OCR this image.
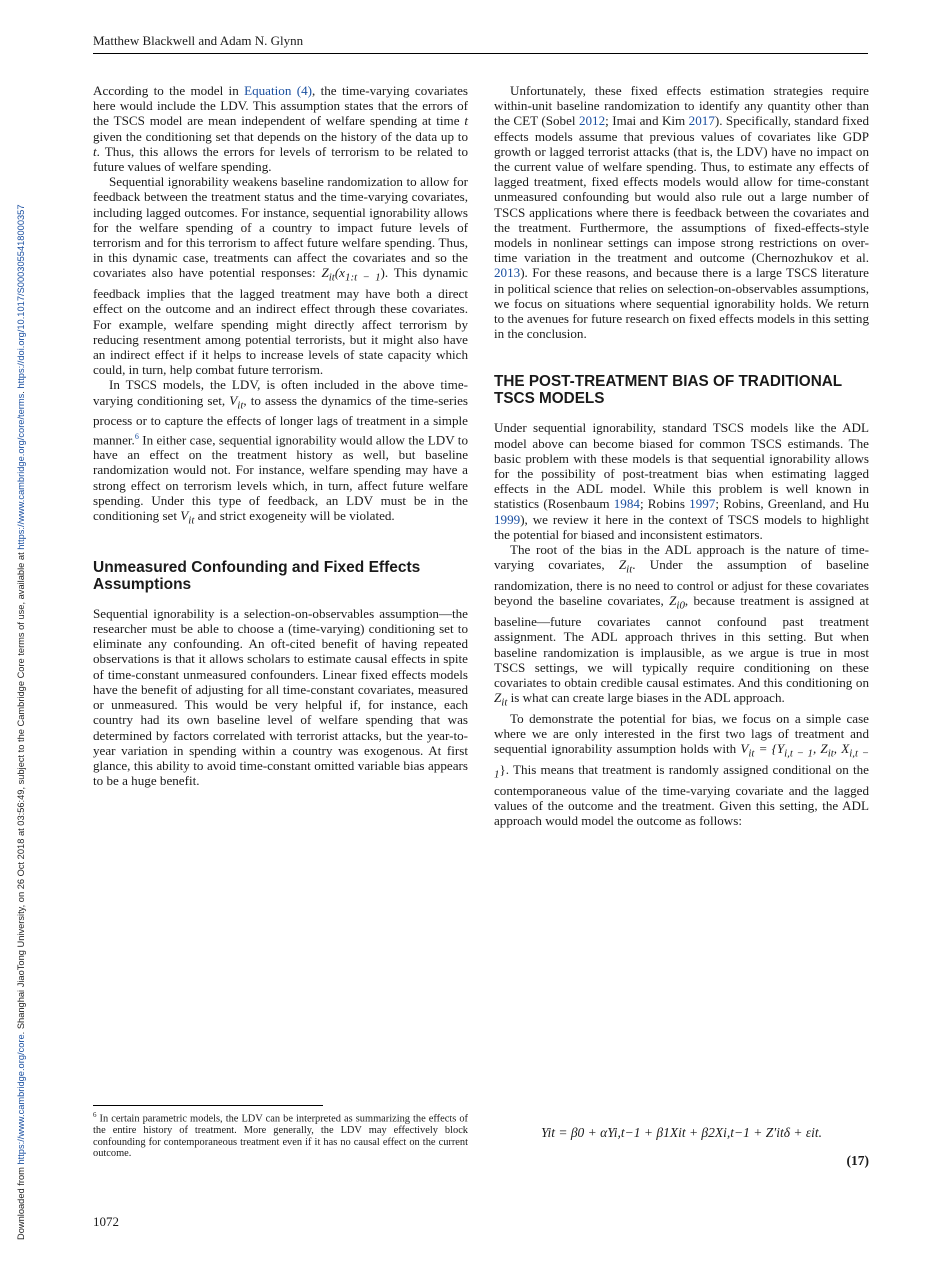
Downloaded from https://www.cambridge.org/core. Shanghai JiaoTong University, on 26 Oct 2018 at 03:56:49, subject to the Cambridge Core terms of use, available at https://www.cambridge.org/core/terms. https://doi.org/10.1017/S0003055418000357
Matthew Blackwell and Adam N. Glynn

According to the model in Equation (4), the time-varying covariates here would include the LDV. This assumption states that the errors of the TSCS model are mean independent of welfare spending at time t given the conditioning set that depends on the history of the data up to t. Thus, this allows the errors for levels of terrorism to be related to future values of welfare spending.

Sequential ignorability weakens baseline randomization to allow for feedback between the treatment status and the time-varying covariates, including lagged outcomes. For instance, sequential ignorability allows for the welfare spending of a country to impact future levels of terrorism and for this terrorism to affect future welfare spending. Thus, in this dynamic case, treatments can affect the covariates and so the covariates also have potential responses: $Z_{it}(x_{1:t - 1})$. This dynamic feedback implies that the lagged treatment may have both a direct effect on the outcome and an indirect effect through these covariates. For example, welfare spending might directly affect terrorism by reducing resentment among potential terrorists, but it might also have an indirect effect if it helps to increase levels of state capacity which could, in turn, help combat future terrorism.

In TSCS models, the LDV, is often included in the above time-varying conditioning set, $V_{it}$, to assess the dynamics of the time-series process or to capture the effects of longer lags of treatment in a simple manner.$^6$ In either case, sequential ignorability would allow the LDV to have an effect on the treatment history as well, but baseline randomization would not. For instance, welfare spending may have a strong effect on terrorism levels which, in turn, affect future welfare spending. Under this type of feedback, an LDV must be in the conditioning set $V_{it}$ and strict exogeneity will be violated.

Unmeasured Confounding and Fixed Effects Assumptions

Sequential ignorability is a selection-on-observables assumption—the researcher must be able to choose a (time-varying) conditioning set to eliminate any confounding. An oft-cited benefit of having repeated observations is that it allows scholars to estimate causal effects in spite of time-constant unmeasured confounders. Linear fixed effects models have the benefit of adjusting for all time-constant covariates, measured or unmeasured. This would be very helpful if, for instance, each country had its own baseline level of welfare spending that was determined by factors correlated with terrorist attacks, but the year-to-year variation in spending within a country was exogenous. At first glance, this ability to avoid time-constant omitted variable bias appears to be a huge benefit.

Unfortunately, these fixed effects estimation strategies require within-unit baseline randomization to identify any quantity other than the CET (Sobel 2012; Imai and Kim 2017). Specifically, standard fixed effects models assume that previous values of covariates like GDP growth or lagged terrorist attacks (that is, the LDV) have no impact on the current value of welfare spending. Thus, to estimate any effects of lagged treatment, fixed effects models would allow for time-constant unmeasured confounding but would also rule out a large number of TSCS applications where there is feedback between the covariates and the treatment. Furthermore, the assumptions of fixed-effects-style models in nonlinear settings can impose strong restrictions on over-time variation in the treatment and outcome (Chernozhukov et al. 2013). For these reasons, and because there is a large TSCS literature in political science that relies on selection-on-observables assumptions, we focus on situations where sequential ignorability holds. We return to the avenues for future research on fixed effects models in this setting in the conclusion.

THE POST-TREATMENT BIAS OF TRADITIONAL TSCS MODELS

Under sequential ignorability, standard TSCS models like the ADL model above can become biased for common TSCS estimands. The basic problem with these models is that sequential ignorability allows for the possibility of post-treatment bias when estimating lagged effects in the ADL model. While this problem is well known in statistics (Rosenbaum 1984; Robins 1997; Robins, Greenland, and Hu 1999), we review it here in the context of TSCS models to highlight the potential for biased and inconsistent estimators.

The root of the bias in the ADL approach is the nature of time-varying covariates, $Z_{it}$. Under the assumption of baseline randomization, there is no need to control or adjust for these covariates beyond the baseline covariates, $Z_{i0}$, because treatment is assigned at baseline—future covariates cannot confound past treatment assignment. The ADL approach thrives in this setting. But when baseline randomization is implausible, as we argue is true in most TSCS settings, we will typically require conditioning on these covariates to obtain credible causal estimates. And this conditioning on $Z_{it}$ is what can create large biases in the ADL approach.

To demonstrate the potential for bias, we focus on a simple case where we are only interested in the first two lags of treatment and sequential ignorability assumption holds with $V_{it} = \{Y_{i,t - 1}$, $Z_{it}$, $X_{i,t - 1}$}. This means that treatment is randomly assigned conditional on the contemporaneous value of the time-varying covariate and the lagged values of the outcome and the treatment. Given this setting, the ADL approach would model the outcome as follows:

$^6$ In certain parametric models, the LDV can be interpreted as summarizing the effects of the entire history of treatment. More generally, the LDV may effectively block confounding for contemporaneous treatment even if it has no causal effect on the current outcome.
Yit = β0 + αYi,t−1 + β1Xit + β2Xi,t−1 + Z′itδ + εit.
(17)
1072
